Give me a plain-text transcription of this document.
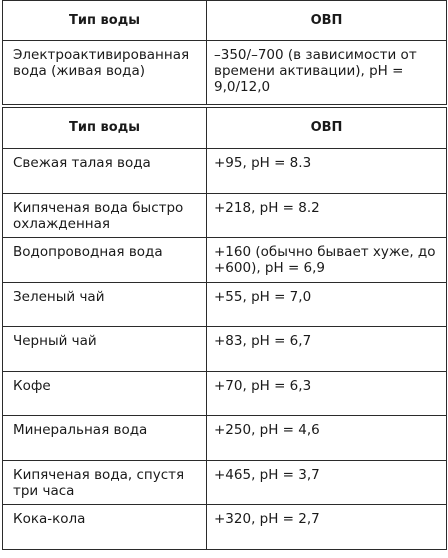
Тип воды	ОВП
Электроактивированная вода (живая вода)	–350/–700 (в зависимости от времени активации), pH = 9,0/12,0
Тип воды	ОВП
Свежая талая вода	+95, pH = 8.3
Кипяченая вода быстро охлажденная	+218, pH = 8.2
Водопроводная вода	+160 (обычно бывает хуже, до +600), pH = 6,9
Зеленый чай	+55, pH = 7,0
Черный чай	+83, pH = 6,7
Кофе	+70, pH = 6,3
Минеральная вода	+250, pH = 4,6
Кипяченая вода, спустя три часа	+465, pH = 3,7
Кока-кола	+320, pH = 2,7
